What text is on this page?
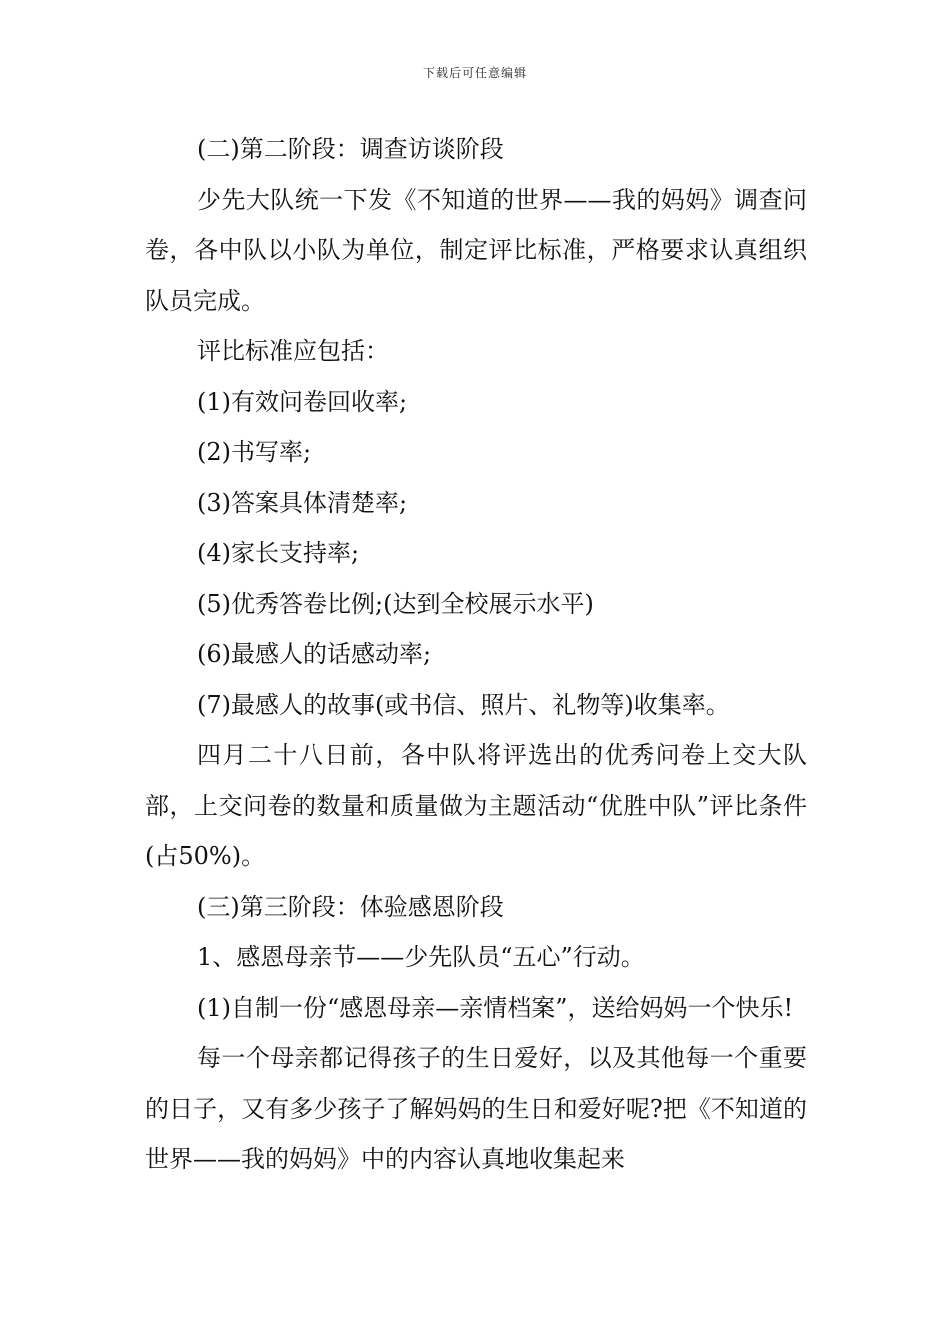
下载后可任意编辑

(二)第二阶段：调查访谈阶段

少先大队统一下发《不知道的世界——我的妈妈》调查问卷，各中队以小队为单位，制定评比标准，严格要求认真组织队员完成。

评比标准应包括：

(1)有效问卷回收率;

(2)书写率;

(3)答案具体清楚率;

(4)家长支持率;

(5)优秀答卷比例;(达到全校展示水平)

(6)最感人的话感动率;

(7)最感人的故事(或书信、照片、礼物等)收集率。

四月二十八日前，各中队将评选出的优秀问卷上交大队部，上交问卷的数量和质量做为主题活动“优胜中队”评比条件(占50%)。

(三)第三阶段：体验感恩阶段

1、感恩母亲节——少先队员“五心”行动。

(1)自制一份“感恩母亲—亲情档案”，送给妈妈一个快乐!

每一个母亲都记得孩子的生日爱好，以及其他每一个重要的日子，又有多少孩子了解妈妈的生日和爱好呢?把《不知道的世界——我的妈妈》中的内容认真地收集起来
